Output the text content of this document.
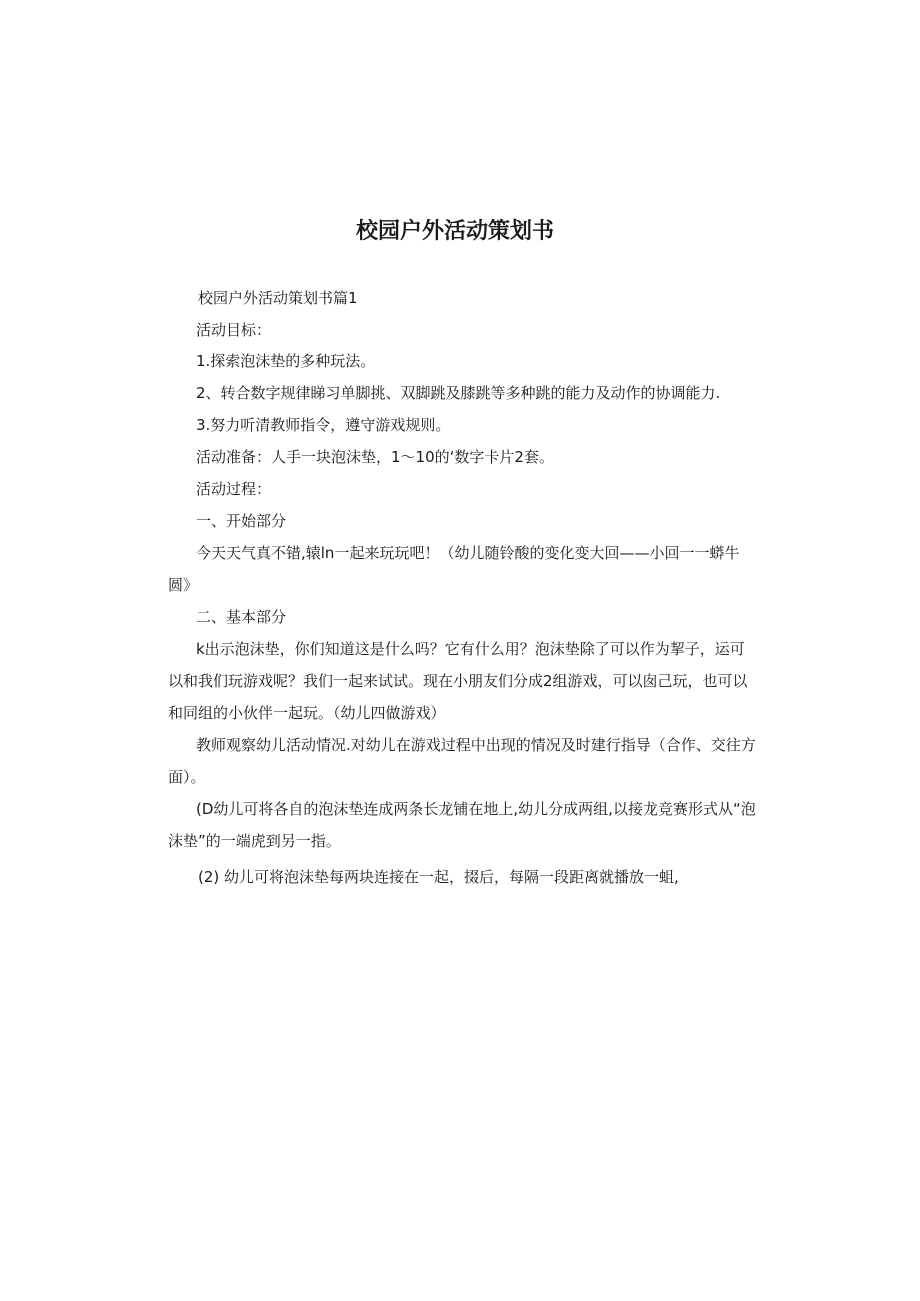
校园户外活动策划书
校园户外活动策划书篇1
活动目标：
1.探索泡沫垫的多种玩法。
2、转合数字规律睇习单脚挑、双脚跳及膝跳等多种跳的能力及动作的协调能力.
3.努力听清教师指令，遵守游戏规则。
活动准备：人手一块泡沫垫，1〜10的‘数字卡片2套。
活动过程：
一、开始部分
今天天气真不错,辕ln一起来玩玩吧！（幼儿随铃酸的变化变大回——小回一一蟒牛圆》
二、基本部分
k出示泡沫垫，你们知道这是什么吗？它有什么用？泡沫垫除了可以作为挈子，运可以和我们玩游戏呢？我们一起来试试。现在小朋友们分成2组游戏，可以囱己玩，也可以和同组的小伙伴一起玩。（幼儿四做游戏）
教师观察幼儿活动情况.对幼儿在游戏过程中出现的情况及时建行指导（合作、交往方面）。
(D幼儿可将各自的泡沫垫连成两条长龙铺在地上,幼儿分成两组,以接龙竞赛形式从“泡沫垫”的一端虎到另一指。
(2) 幼儿可将泡沫垫每两块连接在一起，掇后，每隔一段距离就播放一蛆,
